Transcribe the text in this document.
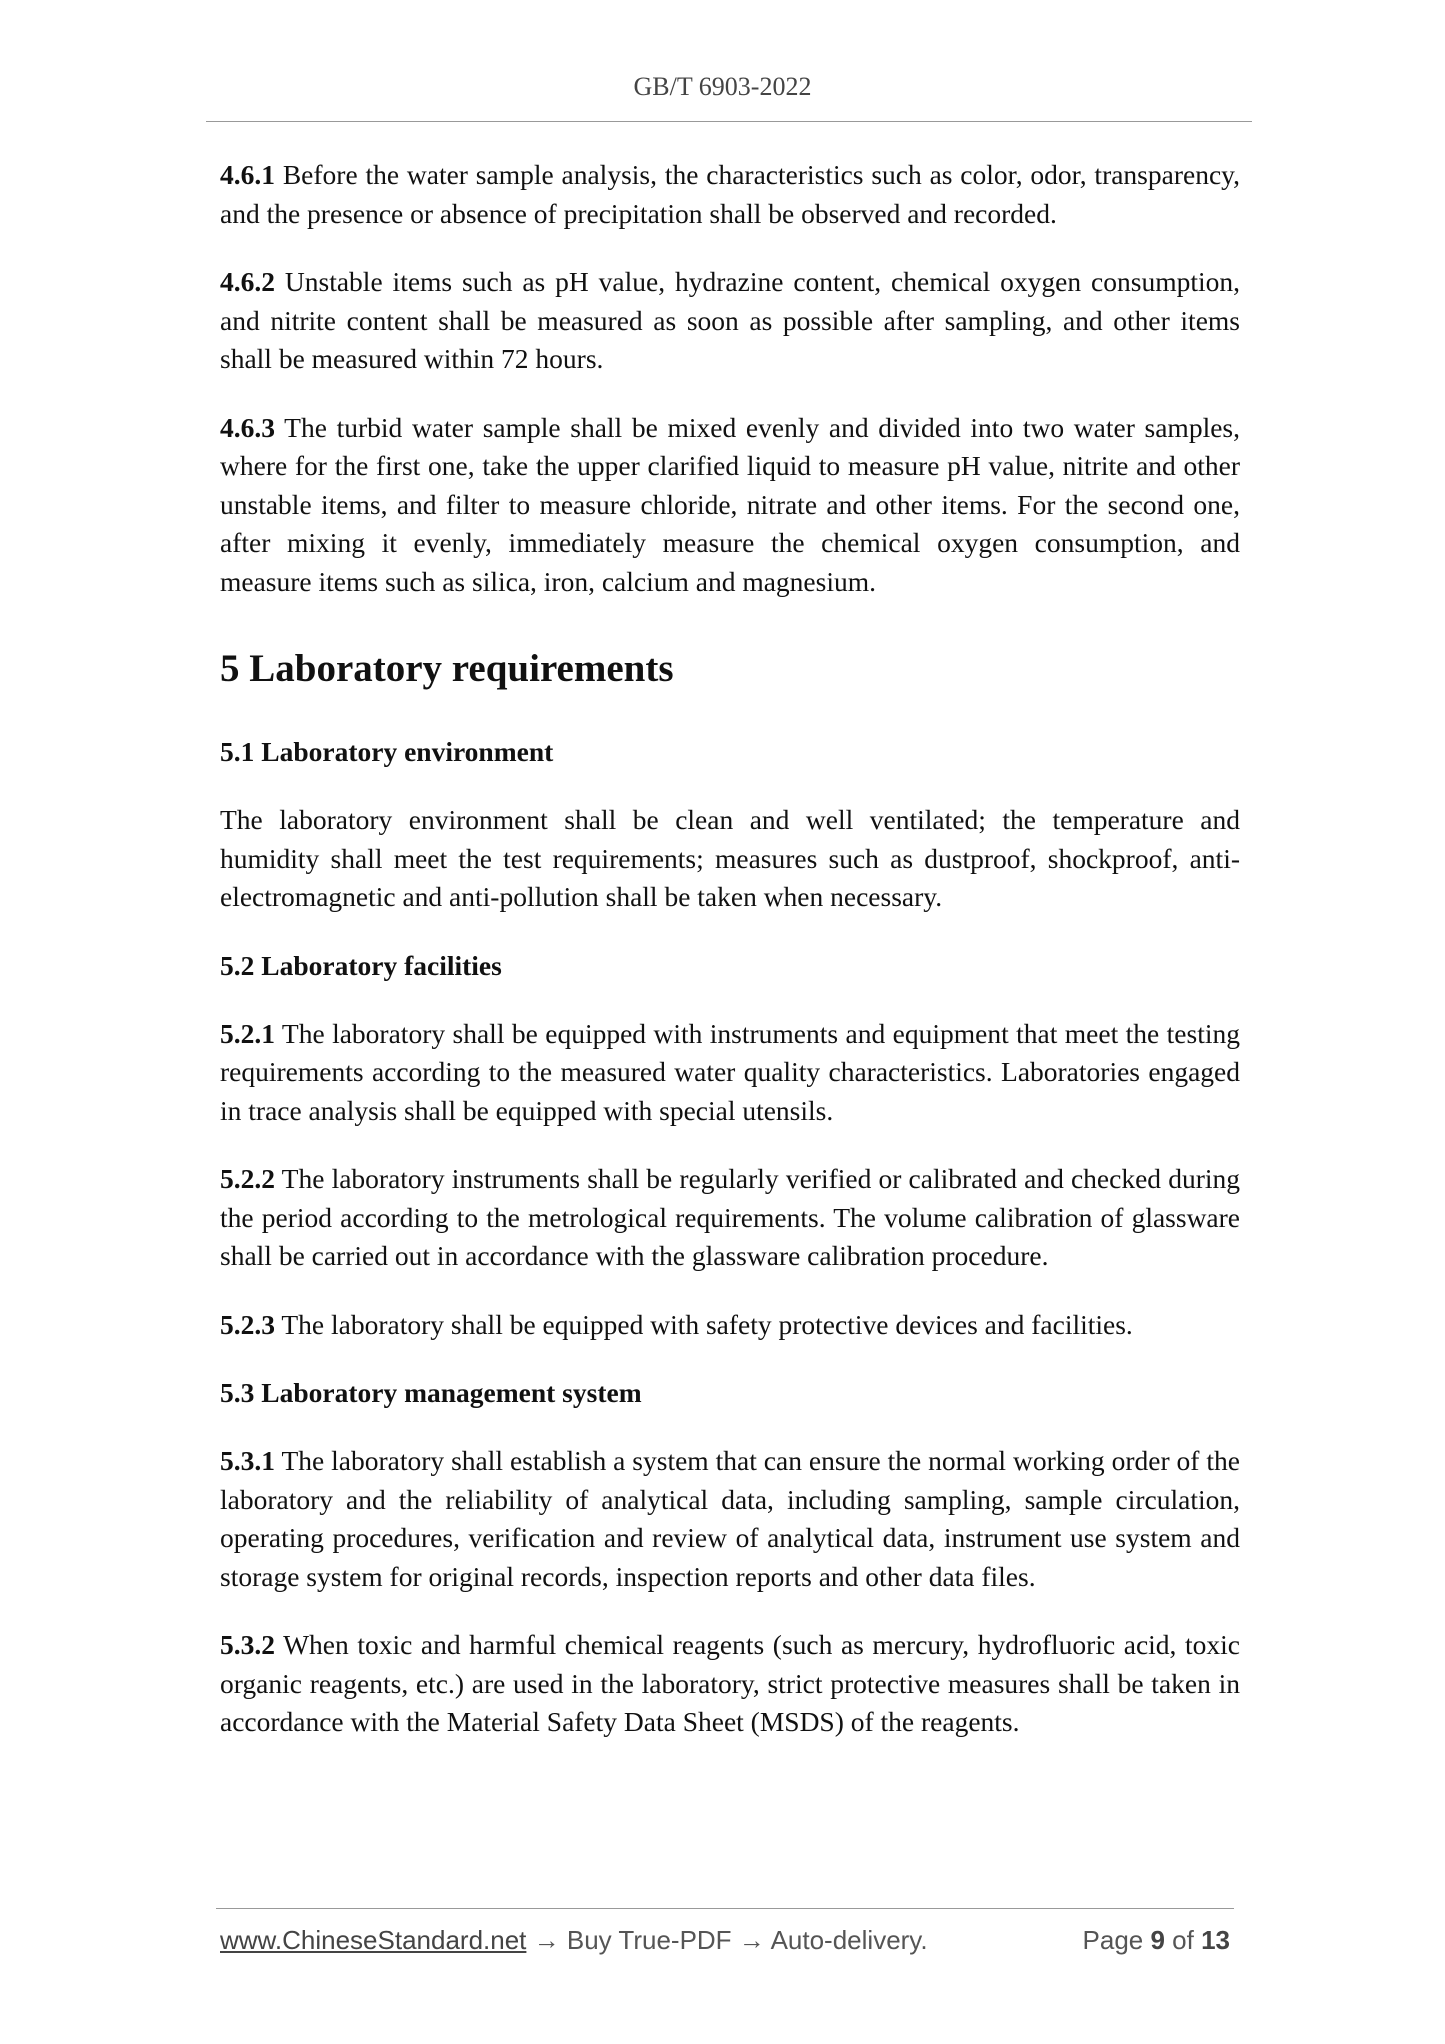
GB/T 6903-2022

4.6.1 Before the water sample analysis, the characteristics such as color, odor, transparency, and the presence or absence of precipitation shall be observed and recorded.

4.6.2 Unstable items such as pH value, hydrazine content, chemical oxygen consumption, and nitrite content shall be measured as soon as possible after sampling, and other items shall be measured within 72 hours.

4.6.3 The turbid water sample shall be mixed evenly and divided into two water samples, where for the first one, take the upper clarified liquid to measure pH value, nitrite and other unstable items, and filter to measure chloride, nitrate and other items. For the second one, after mixing it evenly, immediately measure the chemical oxygen consumption, and measure items such as silica, iron, calcium and magnesium.

5 Laboratory requirements
5.1 Laboratory environment

The laboratory environment shall be clean and well ventilated; the temperature and humidity shall meet the test requirements; measures such as dustproof, shockproof, anti-electromagnetic and anti-pollution shall be taken when necessary.

5.2 Laboratory facilities

5.2.1 The laboratory shall be equipped with instruments and equipment that meet the testing requirements according to the measured water quality characteristics. Laboratories engaged in trace analysis shall be equipped with special utensils.

5.2.2 The laboratory instruments shall be regularly verified or calibrated and checked during the period according to the metrological requirements. The volume calibration of glassware shall be carried out in accordance with the glassware calibration procedure.

5.2.3 The laboratory shall be equipped with safety protective devices and facilities.

5.3 Laboratory management system

5.3.1 The laboratory shall establish a system that can ensure the normal working order of the laboratory and the reliability of analytical data, including sampling, sample circulation, operating procedures, verification and review of analytical data, instrument use system and storage system for original records, inspection reports and other data files.

5.3.2 When toxic and harmful chemical reagents (such as mercury, hydrofluoric acid, toxic organic reagents, etc.) are used in the laboratory, strict protective measures shall be taken in accordance with the Material Safety Data Sheet (MSDS) of the reagents.

www.ChineseStandard.net → Buy True-PDF → Auto-delivery.	Page 9 of 13
